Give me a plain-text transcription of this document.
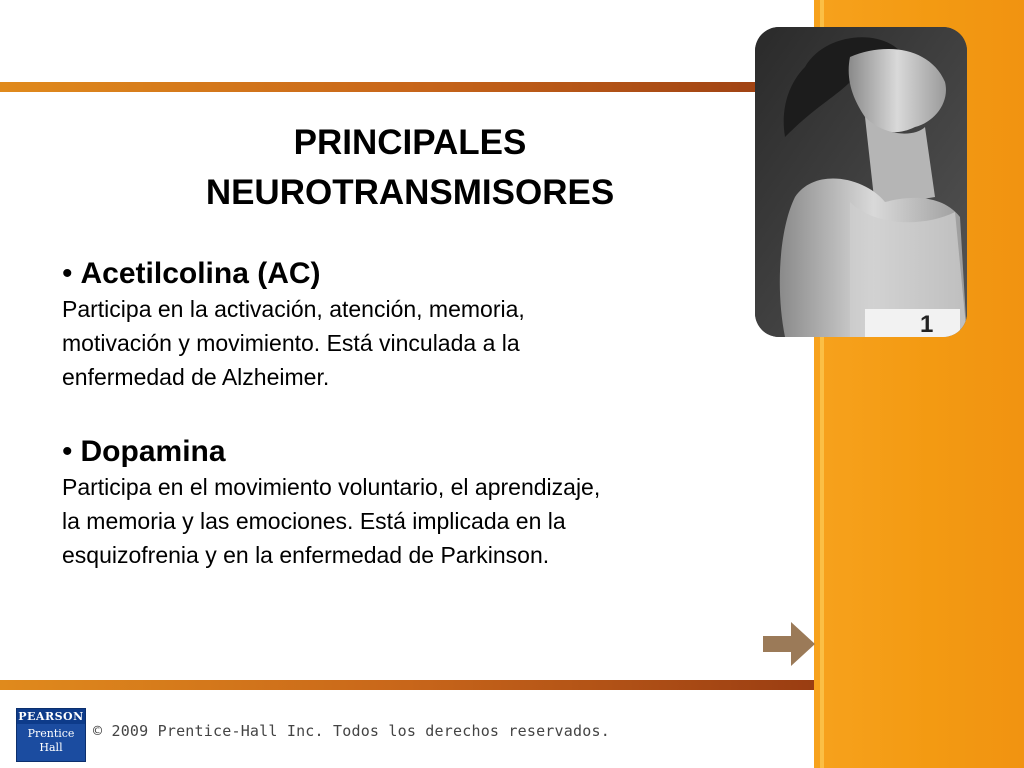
1
PRINCIPALES
NEUROTRANSMISORES
• Acetilcolina (AC)
Participa en la activación, atención, memoria,
motivación y movimiento. Está vinculada a la
enfermedad de Alzheimer.
• Dopamina
Participa en el movimiento voluntario, el aprendizaje,
la memoria y las emociones. Está implicada en la
esquizofrenia y en la enfermedad de Parkinson.
PEARSON
Prentice
Hall
© 2009 Prentice-Hall Inc. Todos los derechos reservados.
